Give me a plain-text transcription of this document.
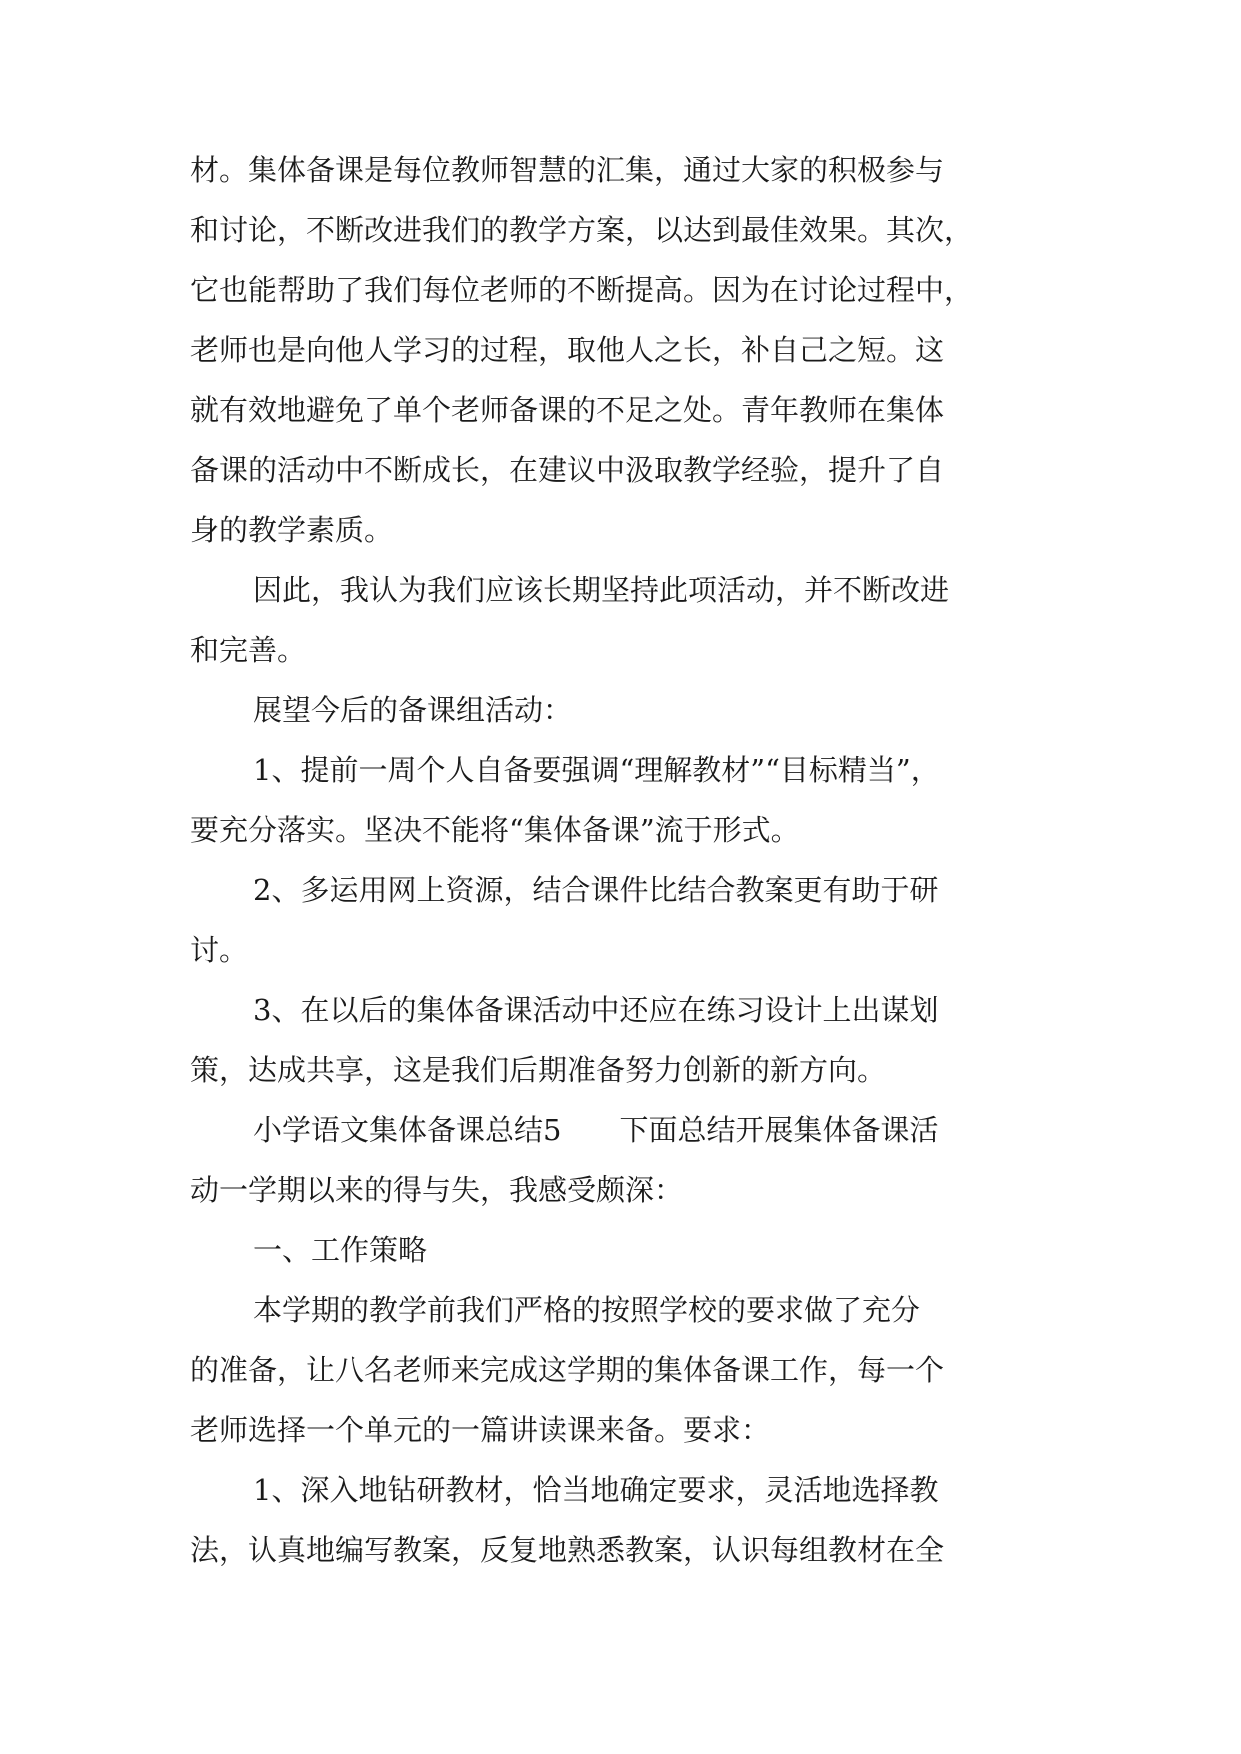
材。集体备课是每位教师智慧的汇集，通过大家的积极参与
和讨论，不断改进我们的教学方案，以达到最佳效果。其次，
它也能帮助了我们每位老师的不断提高。因为在讨论过程中，
老师也是向他人学习的过程，取他人之长，补自己之短。这
就有效地避免了单个老师备课的不足之处。青年教师在集体
备课的活动中不断成长，在建议中汲取教学经验，提升了自
身的教学素质。
因此，我认为我们应该长期坚持此项活动，并不断改进
和完善。
展望今后的备课组活动：
1、提前一周个人自备要强调“理解教材”“目标精当”，
要充分落实。坚决不能将“集体备课”流于形式。
2、多运用网上资源，结合课件比结合教案更有助于研
讨。
3、在以后的集体备课活动中还应在练习设计上出谋划
策，达成共享，这是我们后期准备努力创新的新方向。
小学语文集体备课总结5　　下面总结开展集体备课活
动一学期以来的得与失，我感受颇深：
一、工作策略
本学期的教学前我们严格的按照学校的要求做了充分
的准备，让八名老师来完成这学期的集体备课工作，每一个
老师选择一个单元的一篇讲读课来备。要求：
1、深入地钻研教材，恰当地确定要求，灵活地选择教
法，认真地编写教案，反复地熟悉教案，认识每组教材在全
